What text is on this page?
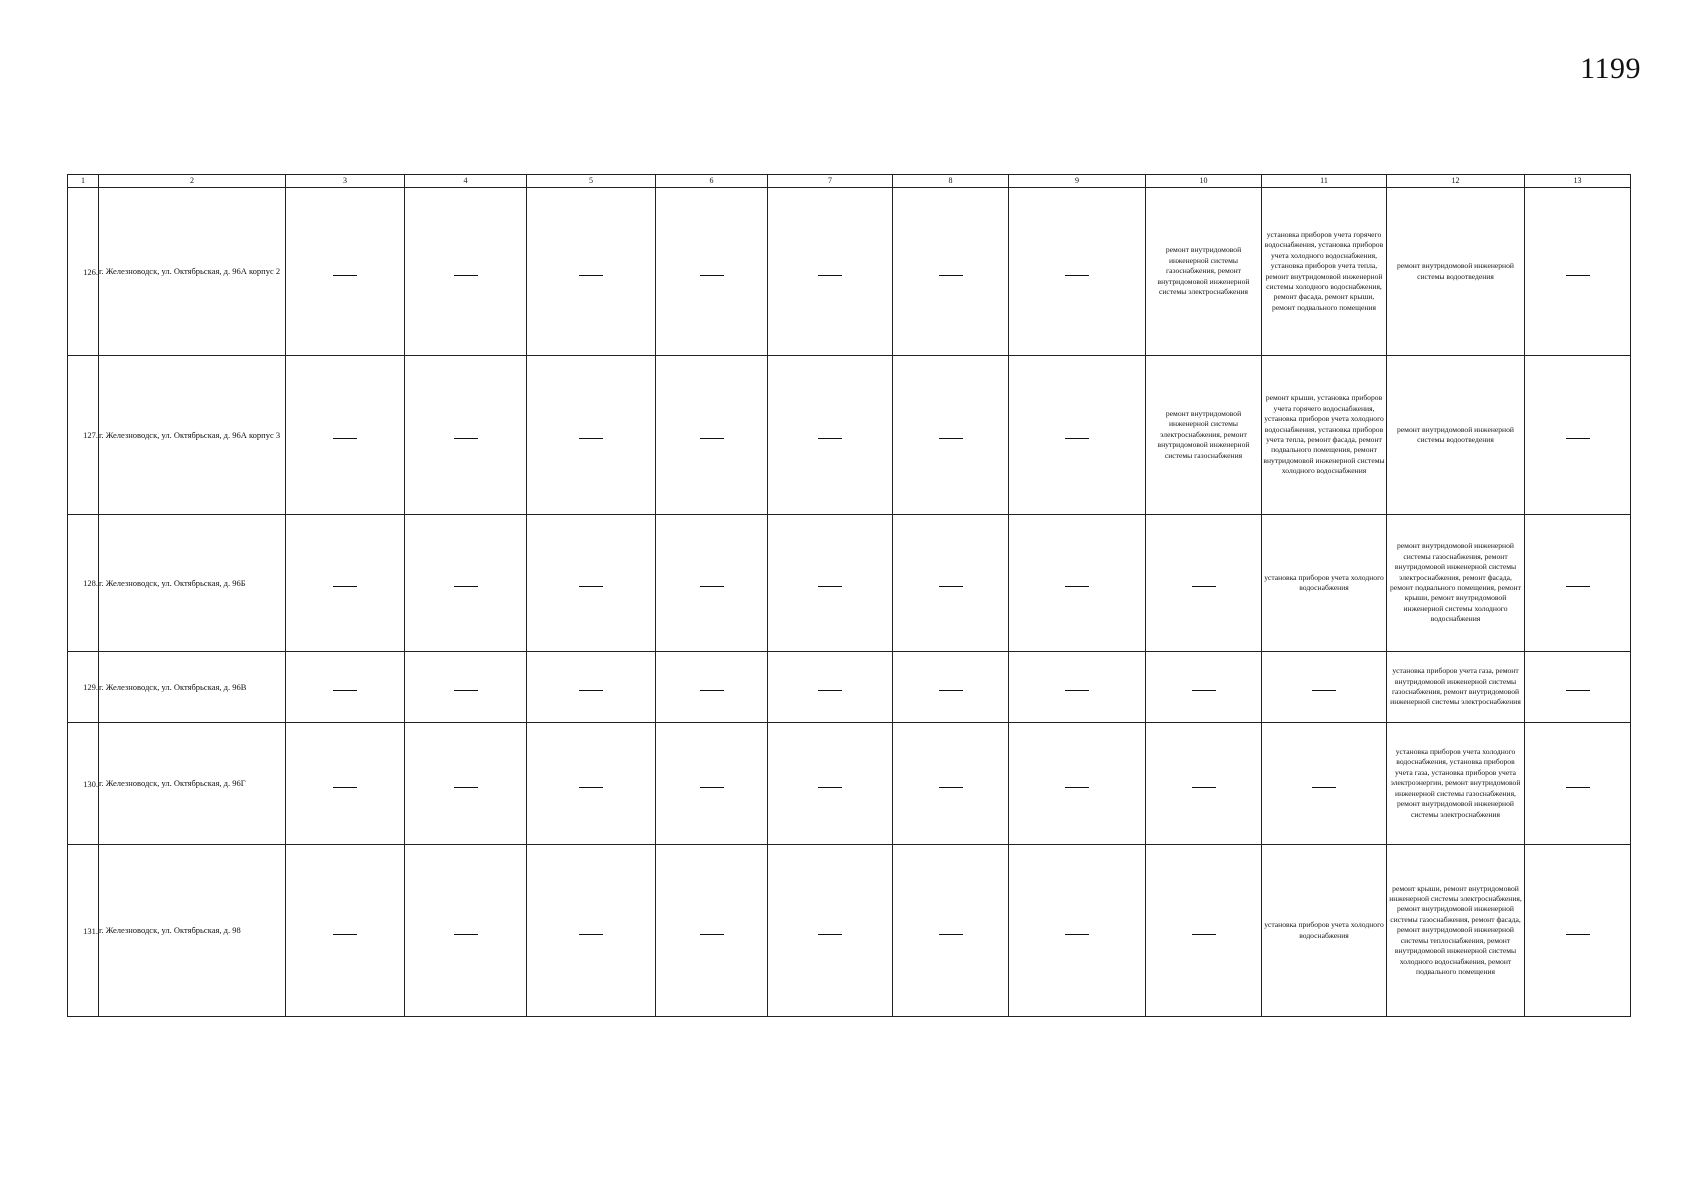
1199
1	2	3	4	5	6	7	8	9	10	11	12	13
126.	г. Железноводск, ул. Октябрьская, д. 96А корпус 2								ремонт внутридомовой инженерной системы газоснабжения, ремонт внутридомовой инженерной системы электроснабжения	установка приборов учета горячего водоснабжения, установка приборов учета холодного водоснабжения, установка приборов учета тепла, ремонт внутридомовой инженерной системы холодного водоснабжения, ремонт фасада, ремонт крыши, ремонт подвального помещения	ремонт внутридомовой инженерной системы водоотведения	
127.	г. Железноводск, ул. Октябрьская, д. 96А корпус 3								ремонт внутридомовой инженерной системы электроснабжения, ремонт внутридомовой инженерной системы газоснабжения	ремонт крыши, установка приборов учета горячего водоснабжения, установка приборов учета холодного водоснабжения, установка приборов учета тепла, ремонт фасада, ремонт подвального помещения, ремонт внутридомовой инженерной системы холодного водоснабжения	ремонт внутридомовой инженерной системы водоотведения	
128.	г. Железноводск, ул. Октябрьская, д. 96Б									установка приборов учета холодного водоснабжения	ремонт внутридомовой инженерной системы газоснабжения, ремонт внутридомовой инженерной системы электроснабжения, ремонт фасада, ремонт подвального помещения, ремонт крыши, ремонт внутридомовой инженерной системы холодного водоснабжения	
129.	г. Железноводск, ул. Октябрьская, д. 96В										установка приборов учета газа, ремонт внутридомовой инженерной системы газоснабжения, ремонт внутридомовой инженерной системы электроснабжения	
130.	г. Железноводск, ул. Октябрьская, д. 96Г										установка приборов учета холодного водоснабжения, установка приборов учета газа, установка приборов учета электроэнергии, ремонт внутридомовой инженерной системы газоснабжения, ремонт внутридомовой инженерной системы электроснабжения	
131.	г. Железноводск, ул. Октябрьская, д. 98									установка приборов учета холодного водоснабжения	ремонт крыши, ремонт внутридомовой инженерной системы электроснабжения, ремонт внутридомовой инженерной системы газоснабжения, ремонт фасада, ремонт внутридомовой инженерной системы теплоснабжения, ремонт внутридомовой инженерной системы холодного водоснабжения, ремонт подвального помещения	
